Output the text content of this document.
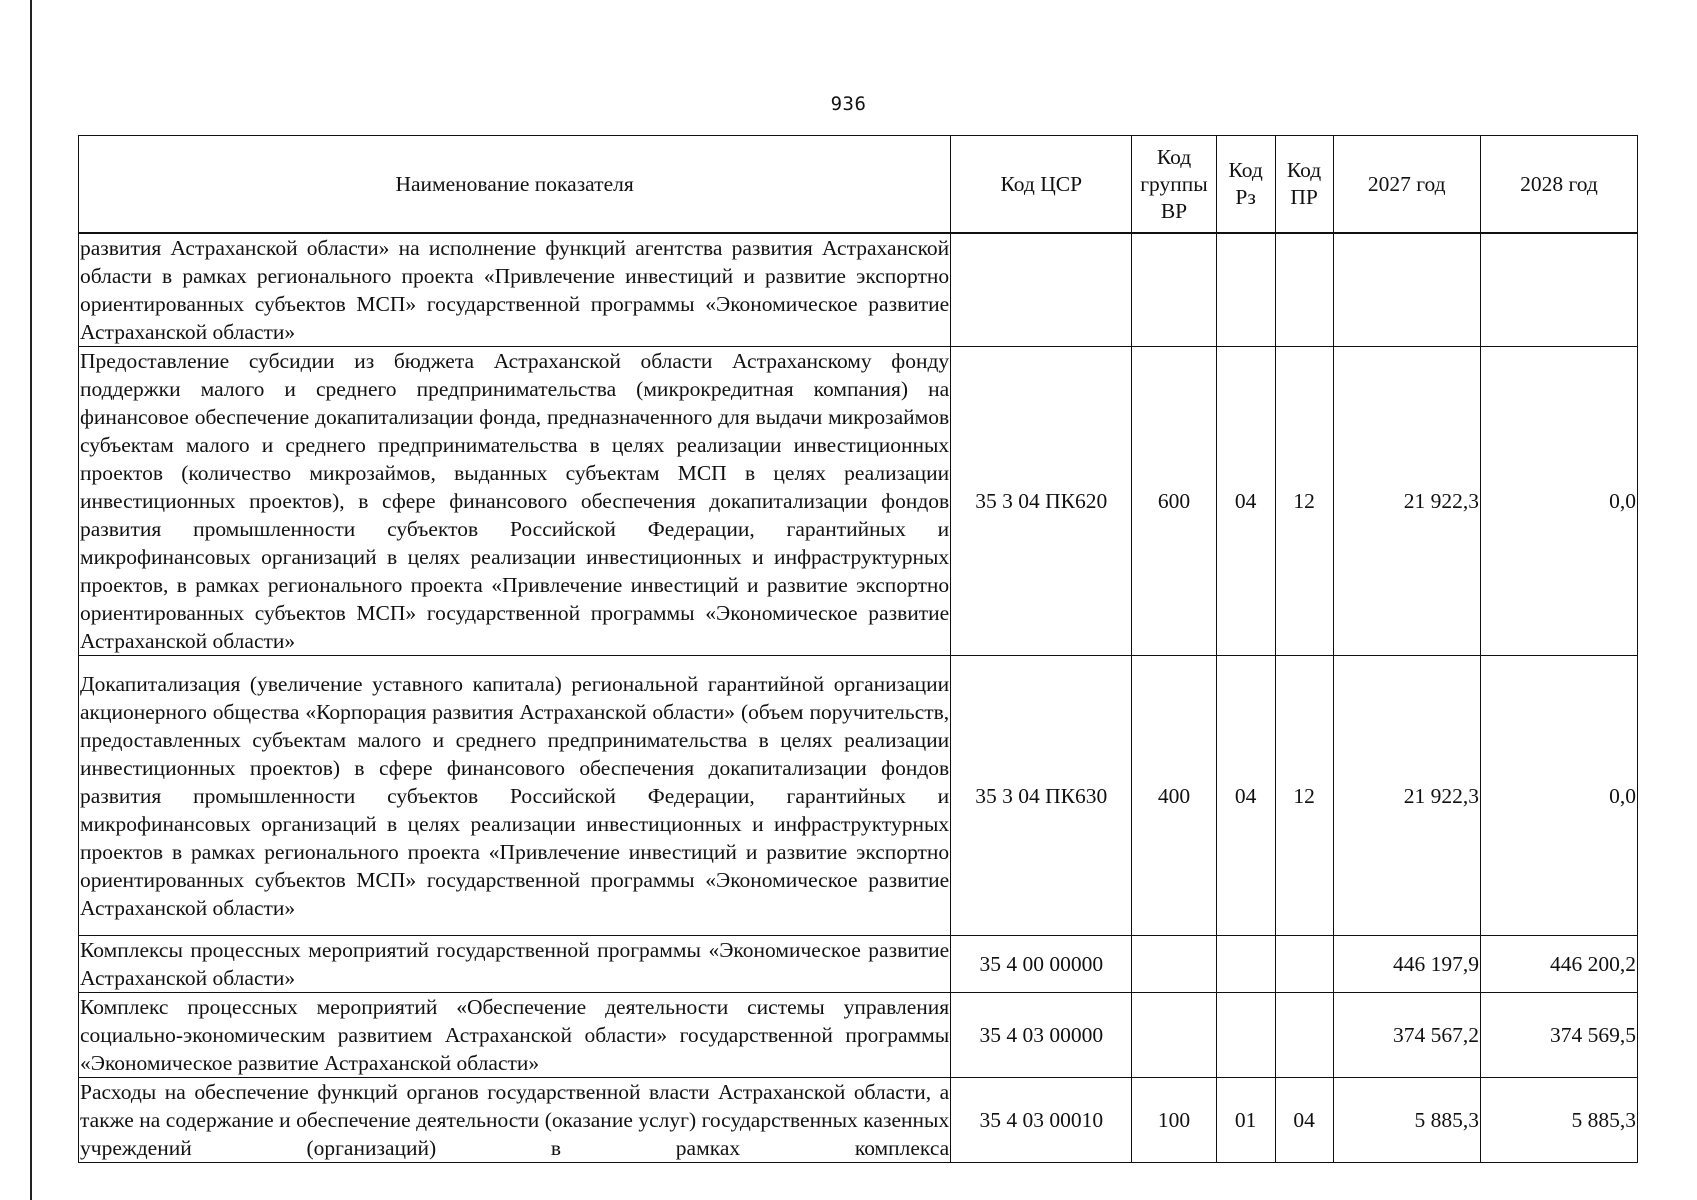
936
Наименование показателя	Код ЦСР	Код группы ВР	Код Рз	Код ПР	2027 год	2028 год
развития Астраханской области» на исполнение функций агентства развития Астраханской области в рамках регионального проекта «Привлечение инвестиций и развитие экспортно ориентированных субъектов МСП» государственной программы «Экономическое развитие Астраханской области»						
Предоставление субсидии из бюджета Астраханской области Астраханскому фонду поддержки малого и среднего предпринимательства (микрокредитная компания) на финансовое обеспечение докапитализации фонда, предназначенного для выдачи микрозаймов субъектам малого и среднего предпринимательства в целях реализации инвестиционных проектов (количество микрозаймов, выданных субъектам МСП в целях реализации инвестиционных проектов), в сфере финансового обеспечения докапитализации фондов развития промышленности субъектов Российской Федерации, гарантийных и микрофинансовых организаций в целях реализации инвестиционных и инфраструктурных проектов, в рамках регионального проекта «Привлечение инвестиций и развитие экспортно ориентированных субъектов МСП» государственной программы «Экономическое развитие Астраханской области»	35 3 04 ПК620	600	04	12	21 922,3	0,0
Докапитализация (увеличение уставного капитала) региональной гарантийной организации акционерного общества «Корпорация развития Астраханской области» (объем поручительств, предоставленных субъектам малого и среднего предпринимательства в целях реализации инвестиционных проектов) в сфере финансового обеспечения докапитализации фондов развития промышленности субъектов Российской Федерации, гарантийных и микрофинансовых организаций в целях реализации инвестиционных и инфраструктурных проектов в рамках регионального проекта «Привлечение инвестиций и развитие экспортно ориентированных субъектов МСП» государственной программы «Экономическое развитие Астраханской области»	35 3 04 ПК630	400	04	12	21 922,3	0,0
Комплексы процессных мероприятий государственной программы «Экономическое развитие Астраханской области»	35 4 00 00000				446 197,9	446 200,2
Комплекс процессных мероприятий «Обеспечение деятельности системы управления социально-экономическим развитием Астраханской области» государственной программы «Экономическое развитие Астраханской области»	35 4 03 00000				374 567,2	374 569,5
Расходы на обеспечение функций органов государственной власти Астраханской области, а также на содержание и обеспечение деятельности (оказание услуг) государственных казенных учреждений (организаций) в рамках комплекса	35 4 03 00010	100	01	04	5 885,3	5 885,3
